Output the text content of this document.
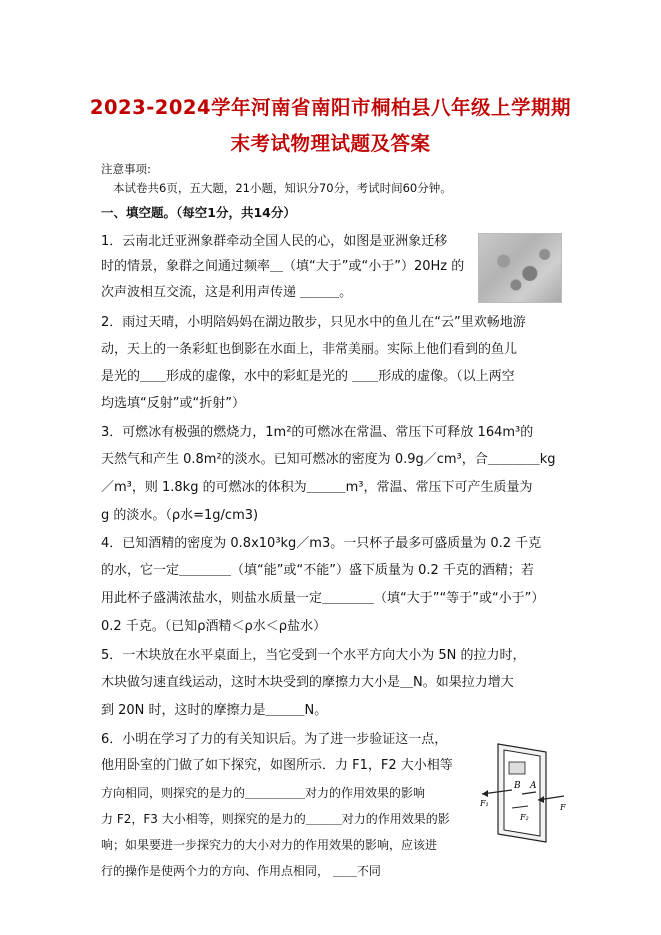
2023-2024学年河南省南阳市桐柏县八年级上学期期
末考试物理试题及答案
注意事项:
本试卷共6页，五大题，21小题，知识分70分，考试时间60分钟。
一、填空题。（每空1分，共14分）
1．云南北迁亚洲象群牵动全国人民的心，如图是亚洲象迁移
时的情景，象群之间通过频率＿（填“大于”或“小于”）20Hz 的
次声波相互交流，这是利用声传递 ＿＿＿。
2．雨过天晴，小明陪妈妈在湖边散步，只见水中的鱼儿在“云”里欢畅地游
动，天上的一条彩虹也倒影在水面上，非常美丽。实际上他们看到的鱼儿
是光的＿＿形成的虚像，水中的彩虹是光的 ＿＿形成的虚像。（以上两空
均选填“反射”或“折射”）
3．可燃冰有极强的燃烧力，1m²的可燃冰在常温、常压下可释放 164m³的
天然气和产生 0.8m²的淡水。已知可燃冰的密度为 0.9g／cm³，合＿＿＿＿kg
／m³，则 1.8kg 的可燃冰的体积为＿＿＿m³，常温、常压下可产生质量为
g 的淡水。（ρ水=1g/cm3)
4．已知酒精的密度为 0.8x10³kg／m3。一只杯子最多可盛质量为 0.2 千克
的水，它一定＿＿＿＿（填“能”或“不能”）盛下质量为 0.2 千克的酒精；若
用此杯子盛满浓盐水，则盐水质量一定＿＿＿＿（填“大于”“等于”或“小于”）
0.2 千克。（已知ρ酒精＜ρ水＜ρ盐水）
5．一木块放在水平桌面上，当它受到一个水平方向大小为 5N 的拉力时，
木块做匀速直线运动，这时木块受到的摩擦力大小是＿N。如果拉力增大
到 20N 时，这时的摩擦力是＿＿＿N。
6．小明在学习了力的有关知识后。为了进一步验证这一点，
他用卧室的门做了如下探究，如图所示．力 F1，F2 大小相等
方向相同，则探究的是力的＿＿＿＿＿对力的作用效果的影响
力 F2，F3 大小相等，则探究的是力的＿＿＿对力的作用效果的影
响；如果要进一步探究力的大小对力的作用效果的影响，应该进
行的操作是使两个力的方向、作用点相同， ＿＿不同
B A
F₁
F₂
F
